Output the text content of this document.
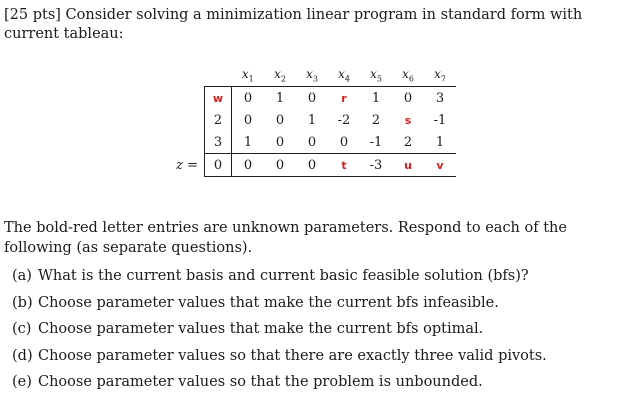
[25 pts] Consider solving a minimization linear program in standard form with current tableau:
		$x_1$	$x_2$	$x_3$	$x_4$	$x_5$	$x_6$	$x_7$
	w	0	1	0	r	1	0	3
	2	0	0	1	-2	2	s	-1
	3	1	0	0	0	-1	2	1
z =	0	0	0	0	t	-3	u	v
The bold-red letter entries are unknown parameters. Respond to each of the following (as separate questions).
(a) What is the current basis and current basic feasible solution (bfs)?
(b) Choose parameter values that make the current bfs infeasible.
(c) Choose parameter values that make the current bfs optimal.
(d) Choose parameter values so that there are exactly three valid pivots.
(e) Choose parameter values so that the problem is unbounded.
